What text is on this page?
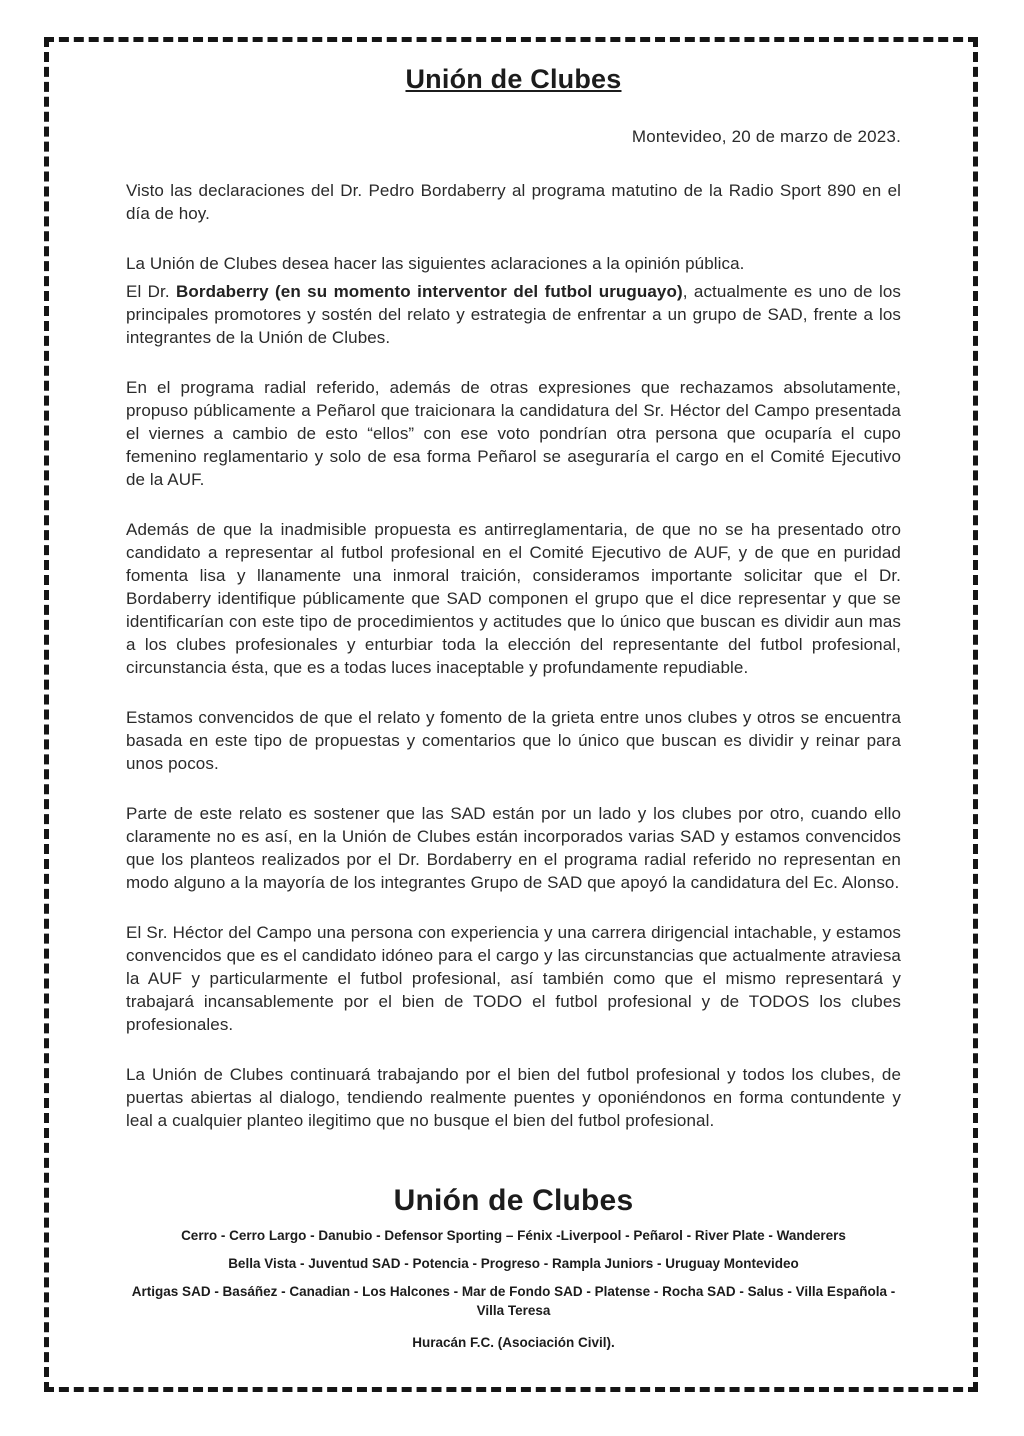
Unión de Clubes
Montevideo, 20 de marzo de 2023.

Visto las declaraciones del Dr. Pedro Bordaberry al programa matutino de la Radio Sport 890 en el día de hoy.

La Unión de Clubes desea hacer las siguientes aclaraciones a la opinión pública.

El Dr. Bordaberry (en su momento interventor del futbol uruguayo), actualmente es uno de los principales promotores y sostén del relato y estrategia de enfrentar a un grupo de SAD, frente a los integrantes de la Unión de Clubes.

En el programa radial referido, además de otras expresiones que rechazamos absolutamente, propuso públicamente a Peñarol que traicionara la candidatura del Sr. Héctor del Campo presentada el viernes a cambio de esto “ellos” con ese voto pondrían otra persona que ocuparía el cupo femenino reglamentario y solo de esa forma Peñarol se aseguraría el cargo en el Comité Ejecutivo de la AUF.

Además de que la inadmisible propuesta es antirreglamentaria, de que no se ha presentado otro candidato a representar al futbol profesional en el Comité Ejecutivo de AUF, y de que en puridad fomenta lisa y llanamente una inmoral traición, consideramos importante solicitar que el Dr. Bordaberry identifique públicamente que SAD componen el grupo que el dice representar y que se identificarían con este tipo de procedimientos y actitudes que lo único que buscan es dividir aun mas a los clubes profesionales y enturbiar toda la elección del representante del futbol profesional, circunstancia ésta, que es a todas luces inaceptable y profundamente repudiable.

Estamos convencidos de que el relato y fomento de la grieta entre unos clubes y otros se encuentra basada en este tipo de propuestas y comentarios que lo único que buscan es dividir y reinar para unos pocos.

Parte de este relato es sostener que las SAD están por un lado y los clubes por otro, cuando ello claramente no es así, en la Unión de Clubes están incorporados varias SAD y estamos convencidos que los planteos realizados por el Dr. Bordaberry en el programa radial referido no representan en modo alguno a la mayoría de los integrantes Grupo de SAD que apoyó la candidatura del Ec. Alonso.

El Sr. Héctor del Campo una persona con experiencia y una carrera dirigencial intachable, y estamos convencidos que es el candidato idóneo para el cargo y las circunstancias que actualmente atraviesa la AUF y particularmente el futbol profesional, así también como que el mismo representará y trabajará incansablemente por el bien de TODO el futbol profesional y de TODOS los clubes profesionales.

La Unión de Clubes continuará trabajando por el bien del futbol profesional y todos los clubes, de puertas abiertas al dialogo, tendiendo realmente puentes y oponiéndonos en forma contundente y leal a cualquier planteo ilegitimo que no busque el bien del futbol profesional.

Unión de Clubes
Cerro - Cerro Largo - Danubio - Defensor Sporting – Fénix -Liverpool - Peñarol - River Plate - Wanderers
Bella Vista - Juventud SAD - Potencia - Progreso - Rampla Juniors - Uruguay Montevideo
Artigas SAD - Basáñez - Canadian - Los Halcones - Mar de Fondo SAD - Platense - Rocha SAD - Salus - Villa Española - Villa Teresa
Huracán F.C. (Asociación Civil).
